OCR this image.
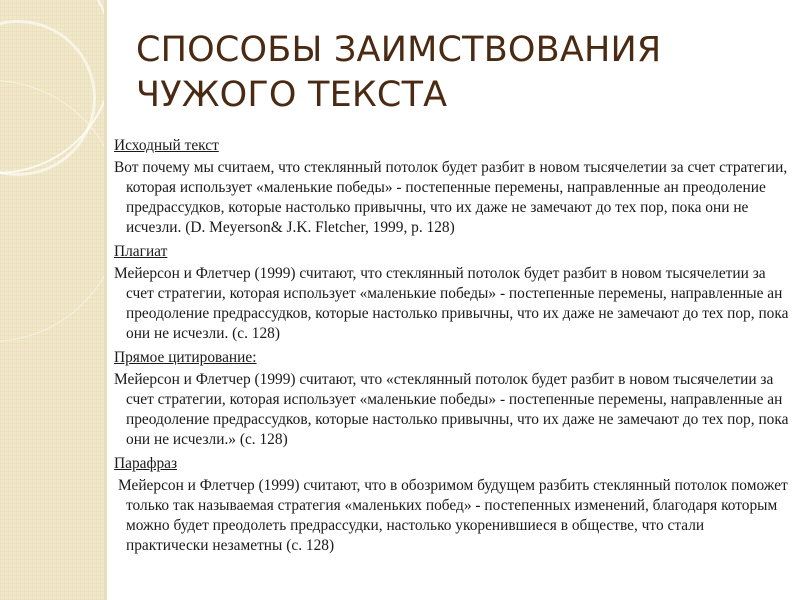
СПОСОБЫ ЗАИМСТВОВАНИЯ
ЧУЖОГО ТЕКСТА
Исходный текст

Вот почему мы считаем, что стеклянный потолок будет разбит в новом тысячелетии за счет стратегии, которая использует «маленькие победы» - постепенные перемены, направленные ан преодоление предрассудков, которые настолько привычны, что их даже не замечают до тех пор, пока они не исчезли. (D. Meyerson& J.K. Fletcher, 1999, p. 128)

Плагиат

Мейерсон и Флетчер (1999) считают, что стеклянный потолок будет разбит в новом тысячелетии за счет стратегии, которая использует «маленькие победы» - постепенные перемены, направленные ан преодоление предрассудков, которые настолько привычны, что их даже не замечают до тех пор, пока они не исчезли. (с. 128)

Прямое цитирование:

Мейерсон и Флетчер (1999) считают, что «стеклянный потолок будет разбит в новом тысячелетии за счет стратегии, которая использует «маленькие победы» - постепенные перемены, направленные ан преодоление предрассудков, которые настолько привычны, что их даже не замечают до тех пор, пока они не исчезли.» (с. 128)

Парафраз

Мейерсон и Флетчер (1999) считают, что в обозримом будущем разбить стеклянный потолок поможет только так называемая стратегия «маленьких побед» - постепенных изменений, благодаря которым можно будет преодолеть предрассудки, настолько укоренившиеся в обществе, что стали практически незаметны (с. 128)
